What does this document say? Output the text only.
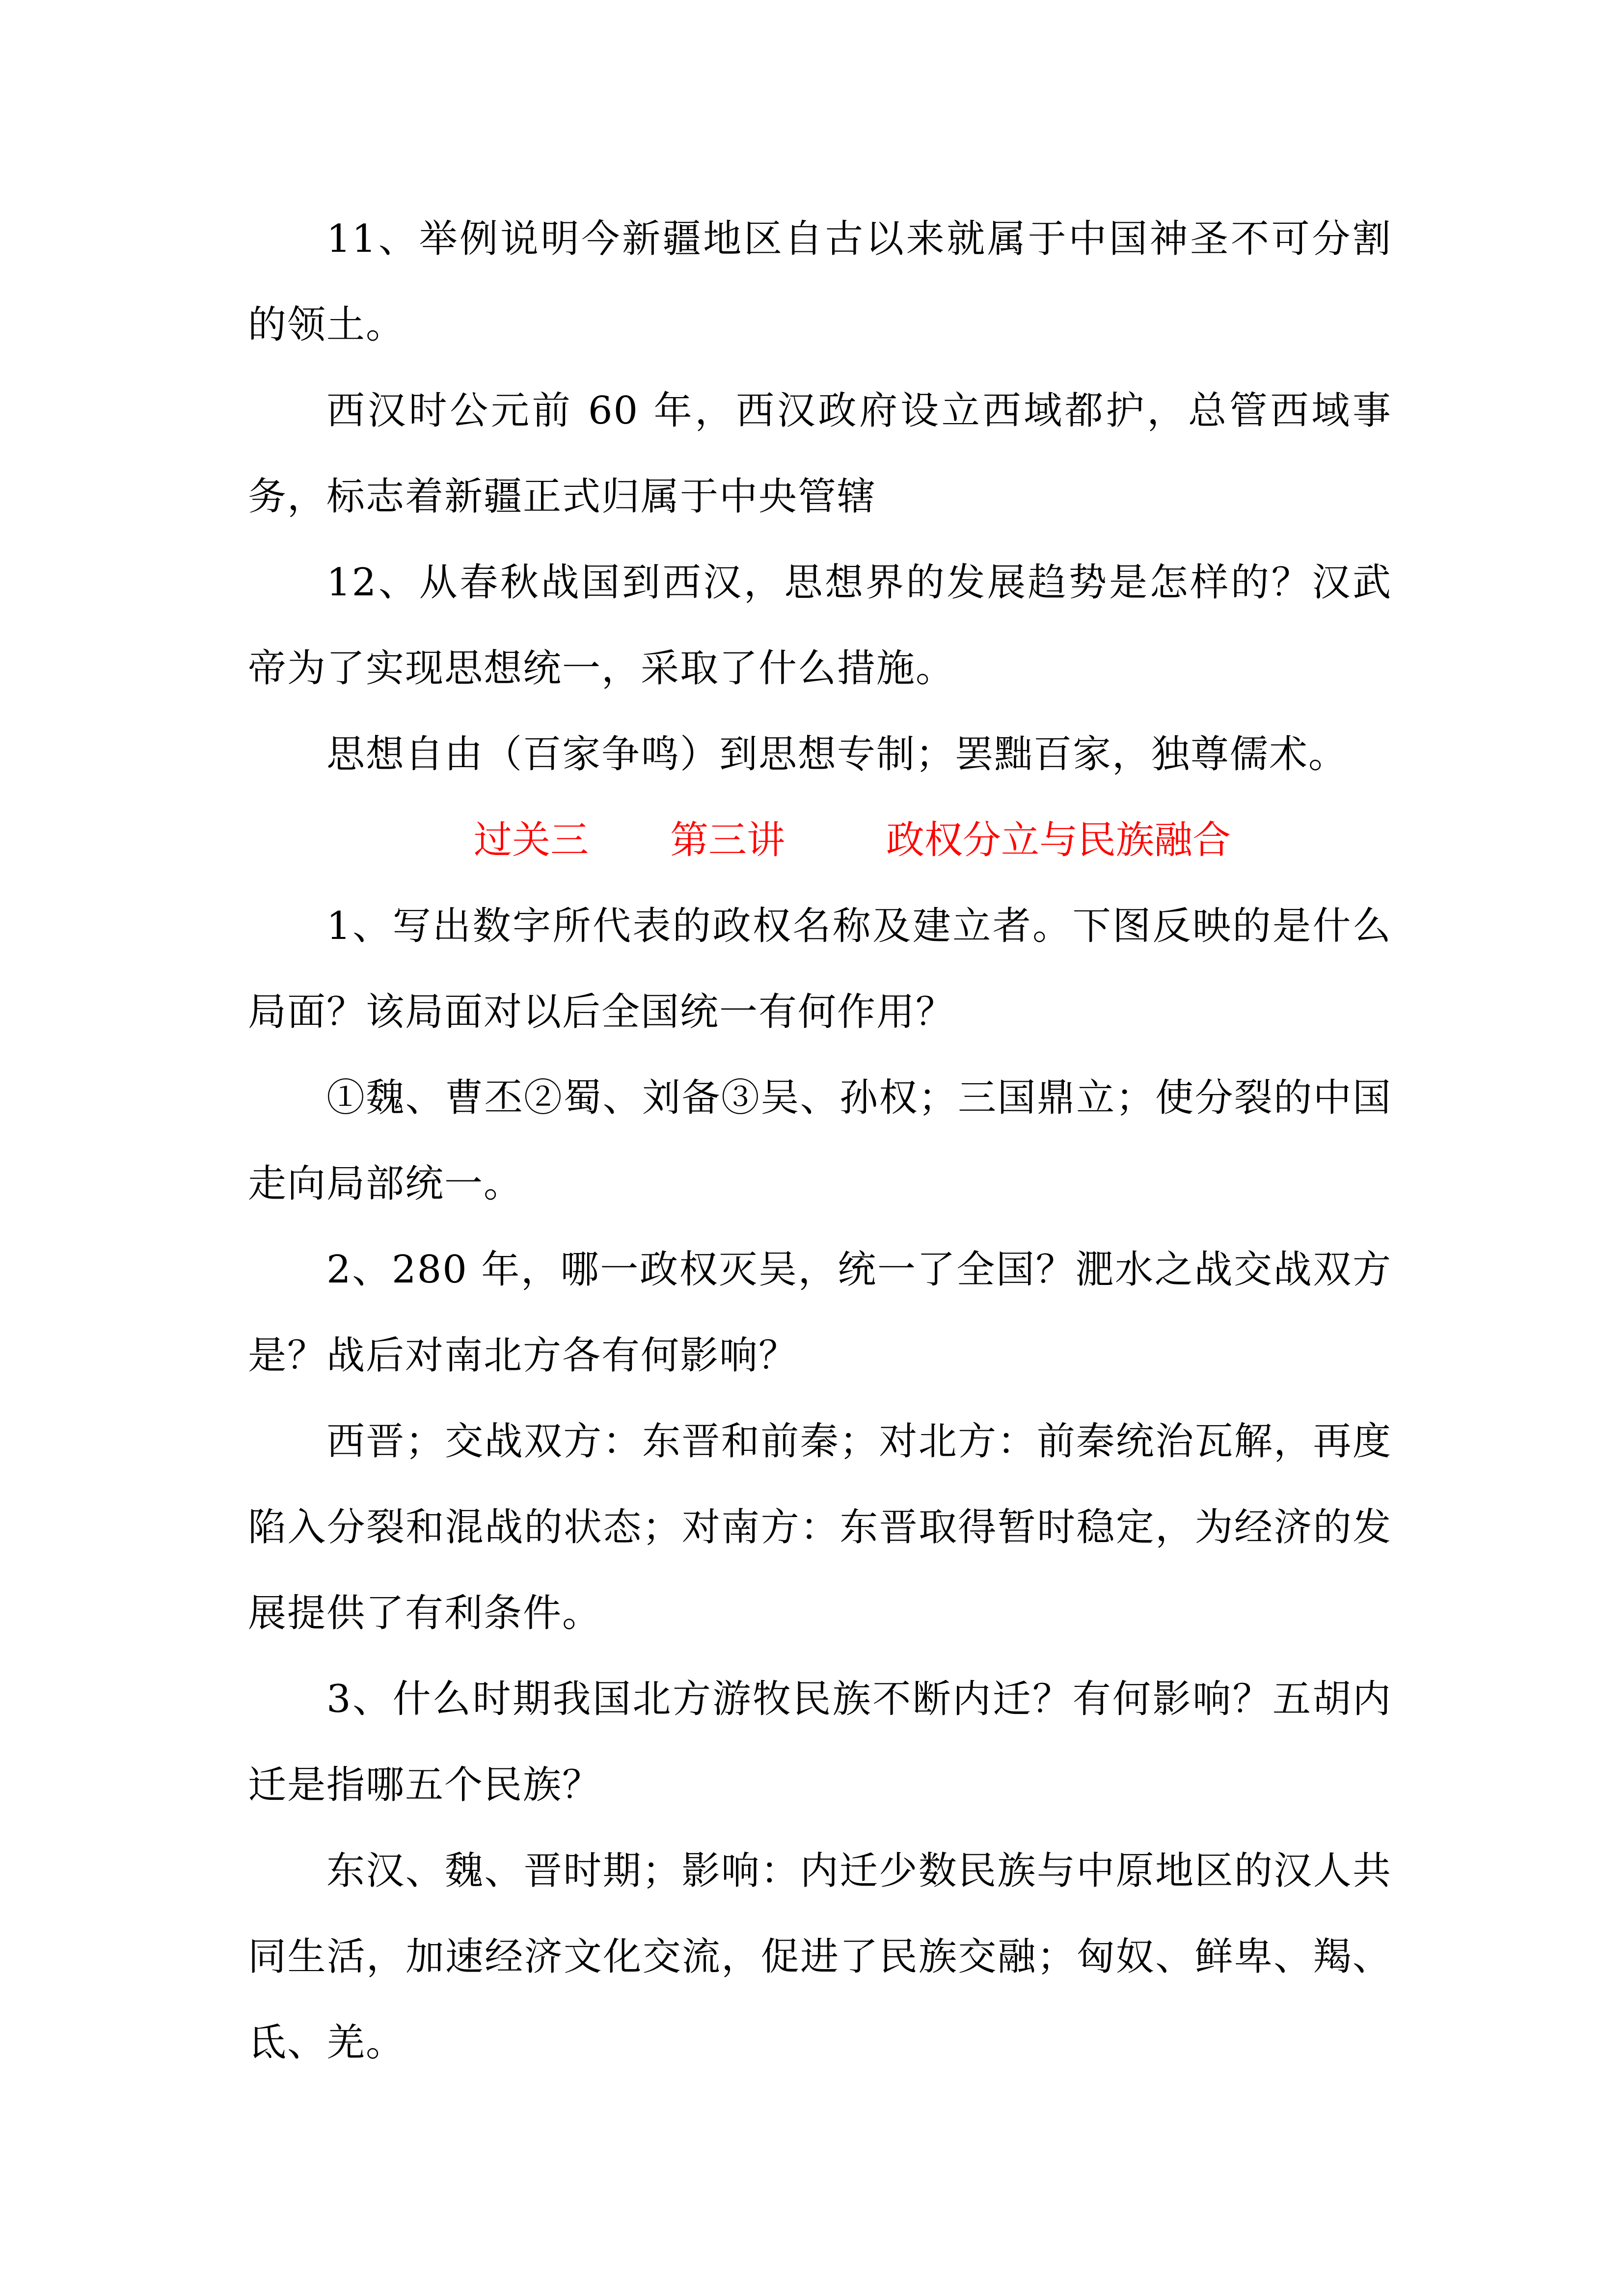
11、举例说明今新疆地区自古以来就属于中国神圣不可分割的领土。

西汉时公元前 60 年，西汉政府设立西域都护，总管西域事务，标志着新疆正式归属于中央管辖

12、从春秋战国到西汉，思想界的发展趋势是怎样的？汉武帝为了实现思想统一，采取了什么措施。

思想自由（百家争鸣）到思想专制；罢黜百家，独尊儒术。

过关三

第三讲

	政权分立与民族融合

1、写出数字所代表的政权名称及建立者。下图反映的是什么局面？该局面对以后全国统一有何作用？

①魏、曹丕②蜀、刘备③吴、孙权；三国鼎立；使分裂的中国走向局部统一。

2、280 年，哪一政权灭吴，统一了全国？淝水之战交战双方是？战后对南北方各有何影响？

西晋；交战双方：东晋和前秦；对北方：前秦统治瓦解，再度陷入分裂和混战的状态；对南方：东晋取得暂时稳定，为经济的发展提供了有利条件。

3、什么时期我国北方游牧民族不断内迁？有何影响？五胡内迁是指哪五个民族？

东汉、魏、晋时期；影响：内迁少数民族与中原地区的汉人共同生活，加速经济文化交流，促进了民族交融；匈奴、鲜卑、羯、氐、羌。
